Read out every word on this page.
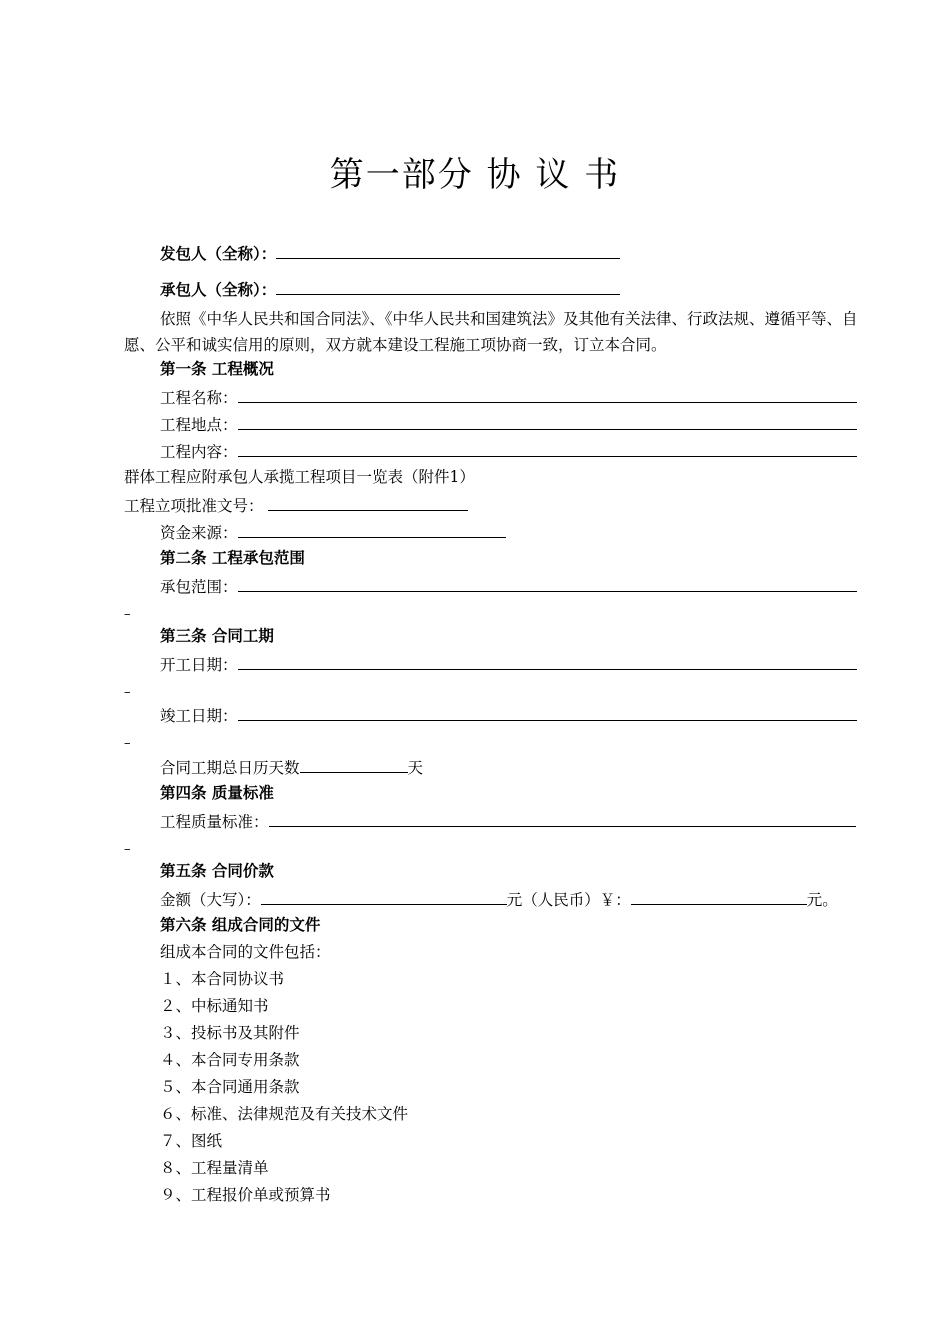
第一部分 协 议 书
发包人（全称）：
承包人（全称）：
依照《中华人民共和国合同法》、《中华人民共和国建筑法》及其他有关法律、行政法规、遵循平等、自愿、公平和诚实信用的原则，双方就本建设工程施工项协商一致，订立本合同。
第一条 工程概况
工程名称：
工程地点：
工程内容：
群体工程应附承包人承揽工程项目一览表（附件1）
工程立项批准文号：
资金来源：
第二条 工程承包范围
承包范围：
–
第三条 合同工期
开工日期：
–
竣工日期：
–
合同工期总日历天数	天
第四条 质量标准
工程质量标准：
–
第五条 合同价款
金额（大写）：	元（人民币）￥：	元。
第六条 组成合同的文件
组成本合同的文件包括：
１、本合同协议书
２、中标通知书
３、投标书及其附件
４、本合同专用条款
５、本合同通用条款
６、标准、法律规范及有关技术文件
７、图纸
８、工程量清单
９、工程报价单或预算书
